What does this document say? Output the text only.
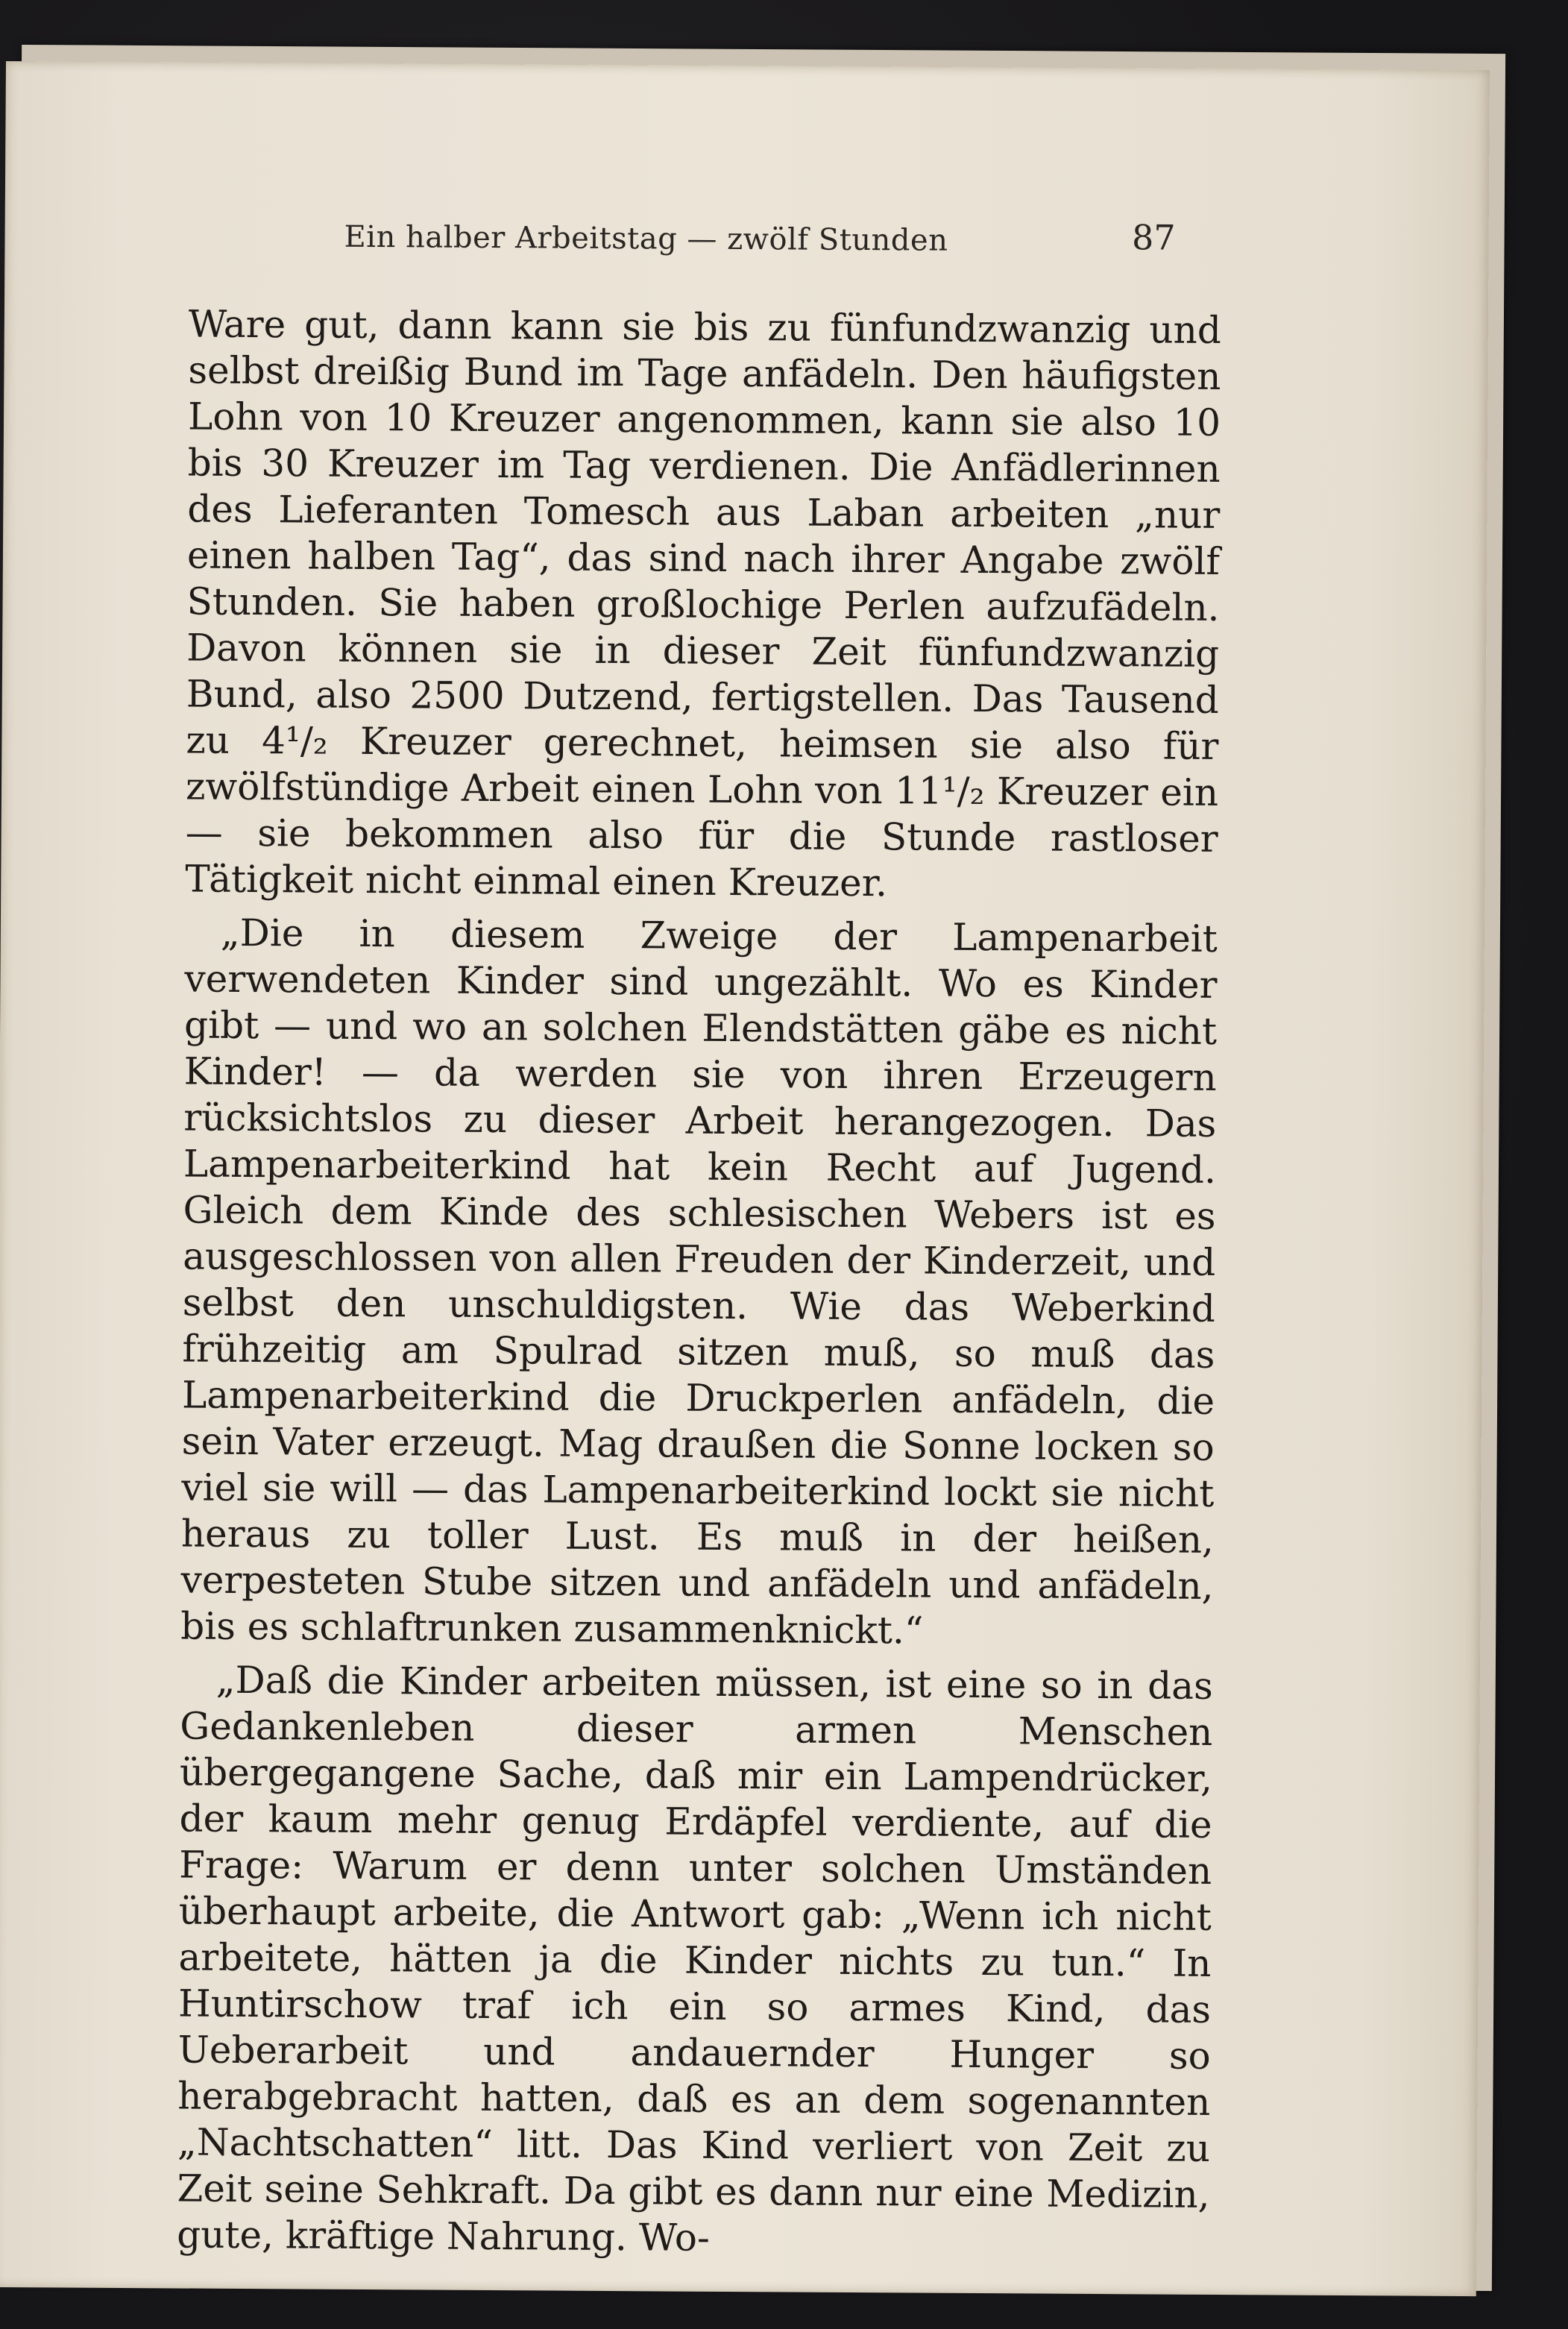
Ein halber Arbeitstag — zwölf Stunden	87

Ware gut, dann kann sie bis zu fünfundzwanzig und selbst dreißig Bund im Tage anfädeln. Den häufigsten Lohn von 10 Kreuzer angenommen, kann sie also 10 bis 30 Kreuzer im Tag verdienen. Die Anfädlerinnen des Lieferanten Tomesch aus Laban arbeiten „nur einen halben Tag“, das sind nach ihrer Angabe zwölf Stunden. Sie haben großlochige Perlen aufzufädeln. Davon können sie in dieser Zeit fünfundzwanzig Bund, also 2500 Dutzend, fertigstellen. Das Tausend zu 4¹/₂ Kreuzer gerechnet, heimsen sie also für zwölfstündige Arbeit einen Lohn von 11¹/₂ Kreuzer ein — sie bekommen also für die Stunde rastloser Tätigkeit nicht einmal einen Kreuzer.

„Die in diesem Zweige der Lampenarbeit verwendeten Kinder sind ungezählt. Wo es Kinder gibt — und wo an solchen Elendstätten gäbe es nicht Kinder! — da werden sie von ihren Erzeugern rücksichtslos zu dieser Arbeit herangezogen. Das Lampenarbeiterkind hat kein Recht auf Jugend. Gleich dem Kinde des schlesischen Webers ist es ausgeschlossen von allen Freuden der Kinderzeit, und selbst den unschuldigsten. Wie das Weberkind frühzeitig am Spulrad sitzen muß, so muß das Lampenarbeiterkind die Druckperlen anfädeln, die sein Vater erzeugt. Mag draußen die Sonne locken so viel sie will — das Lampenarbeiterkind lockt sie nicht heraus zu toller Lust. Es muß in der heißen, verpesteten Stube sitzen und anfädeln und anfädeln, bis es schlaftrunken zusammenknickt.“

„Daß die Kinder arbeiten müssen, ist eine so in das Gedankenleben dieser armen Menschen übergegangene Sache, daß mir ein Lampendrücker, der kaum mehr genug Erdäpfel verdiente, auf die Frage: Warum er denn unter solchen Umständen überhaupt arbeite, die Antwort gab: „Wenn ich nicht arbeitete, hätten ja die Kinder nichts zu tun.“ In Huntirschow traf ich ein so armes Kind, das Ueberarbeit und andauernder Hunger so herabgebracht hatten, daß es an dem sogenannten „Nachtschatten“ litt. Das Kind verliert von Zeit zu Zeit seine Sehkraft. Da gibt es dann nur eine Medizin, gute, kräftige Nahrung. Wo-
